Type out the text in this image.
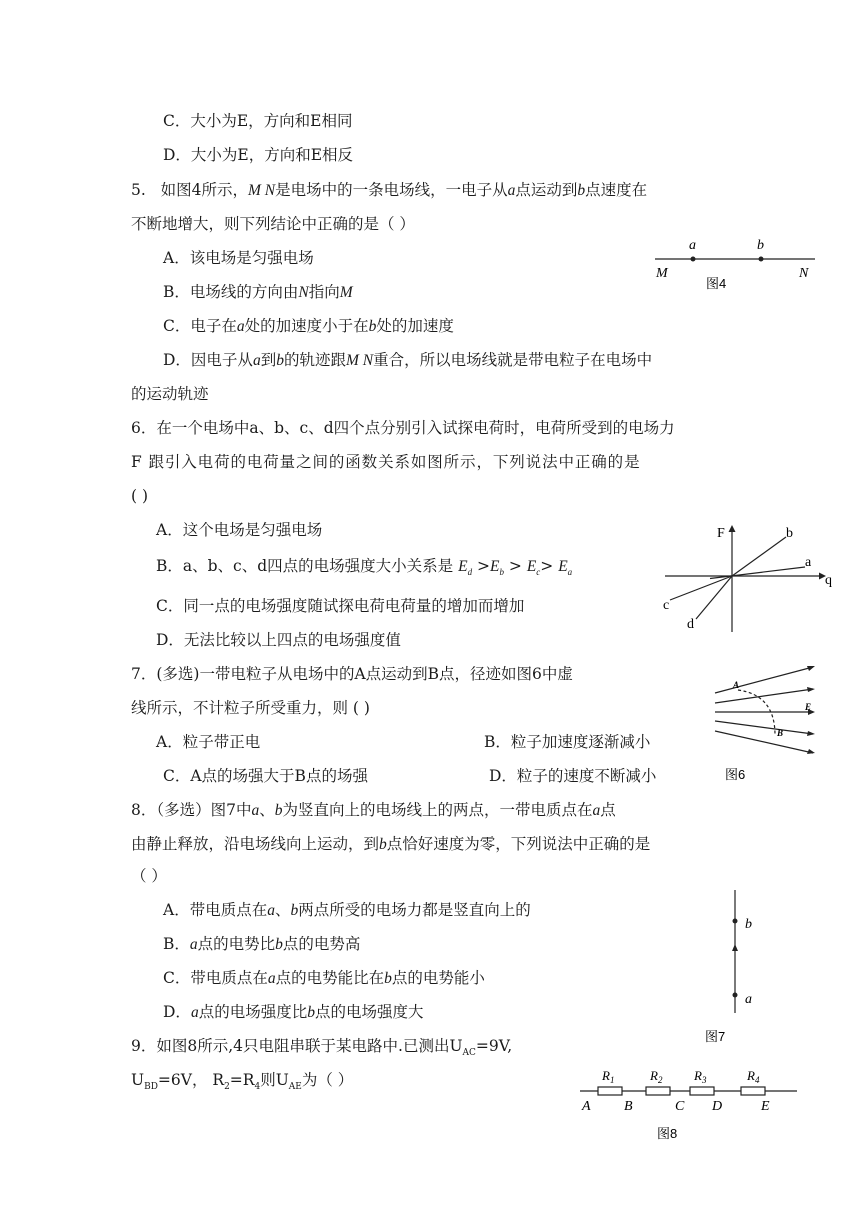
C．大小为E，方向和E相同
D．大小为E，方向和E相反
5. 如图4所示，M N是电场中的一条电场线，一电子从a点运动到b点速度在
不断地增大，则下列结论中正确的是（ ）
A．该电场是匀强电场
B．电场线的方向由N指向M
C．电子在a处的加速度小于在b处的加速度
D．因电子从a到b的轨迹跟M N重合，所以电场线就是带电粒子在电场中
的运动轨迹
6．在一个电场中a、b、c、d四个点分别引入试探电荷时，电荷所受到的电场力
F 跟引入电荷的电荷量之间的函数关系如图所示，下列说法中正确的是
( )
A．这个电场是匀强电场
B．a、b、c、d四点的电场强度大小关系是 $E_d >E_b > E_c> E_a$
C．同一点的电场强度随试探电荷电荷量的增加而增加
D．无法比较以上四点的电场强度值
7．(多选)一带电粒子从电场中的A点运动到B点，径迹如图6中虚
线所示，不计粒子所受重力，则 ( )
A．粒子带正电	B．粒子加速度逐渐减小
C．A点的场强大于B点的场强	D．粒子的速度不断减小
8．（多选）图7中a、b为竖直向上的电场线上的两点，一带电质点在a点
由静止释放，沿电场线向上运动，到b点恰好速度为零，下列说法中正确的是
（ ）
A．带电质点在a、b两点所受的电场力都是竖直向上的
B．a点的电势比b点的电势高
C．带电质点在a点的电势能比在b点的电势能小
D．a点的电场强度比b点的电场强度大
9．如图8所示,4只电阻串联于某电路中.已测出$U_{AC}=9V$,
$U_{BD}=6V$， $R_2=R_4$则$U_{AE}$为（ ）
a	b
M	N
图4
F
q
b
a
c
d
A
B
E
图6
b
a
图7
$R_1$	$R_2$ $R_3$	$R_4$
A B	C D	E
图8
